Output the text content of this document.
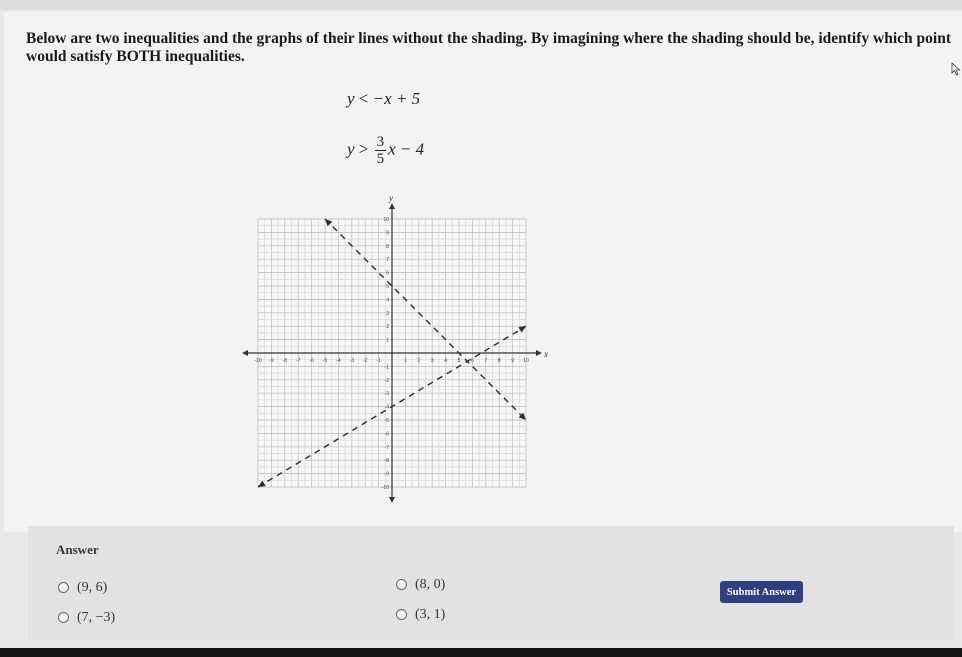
Below are two inequalities and the graphs of their lines without the shading. By imagining where the shading should be, identify which point would satisfy BOTH inequalities.
y < −x + 5
$y > \frac{3}{5}$ x − 4
x
y
-10
-10
-9
-9
-8
-8
-7
-7
-6
-6
-5
-5
-4
-4
-3
-3
-2
-2
-1
-1
1
1
2
2
3
3
4
4
5
5
6
6
7
7
8
8
9
9
10
10
Answer
(9, 6)	(8, 0)
(7, −3)	(3, 1)
Submit Answer
